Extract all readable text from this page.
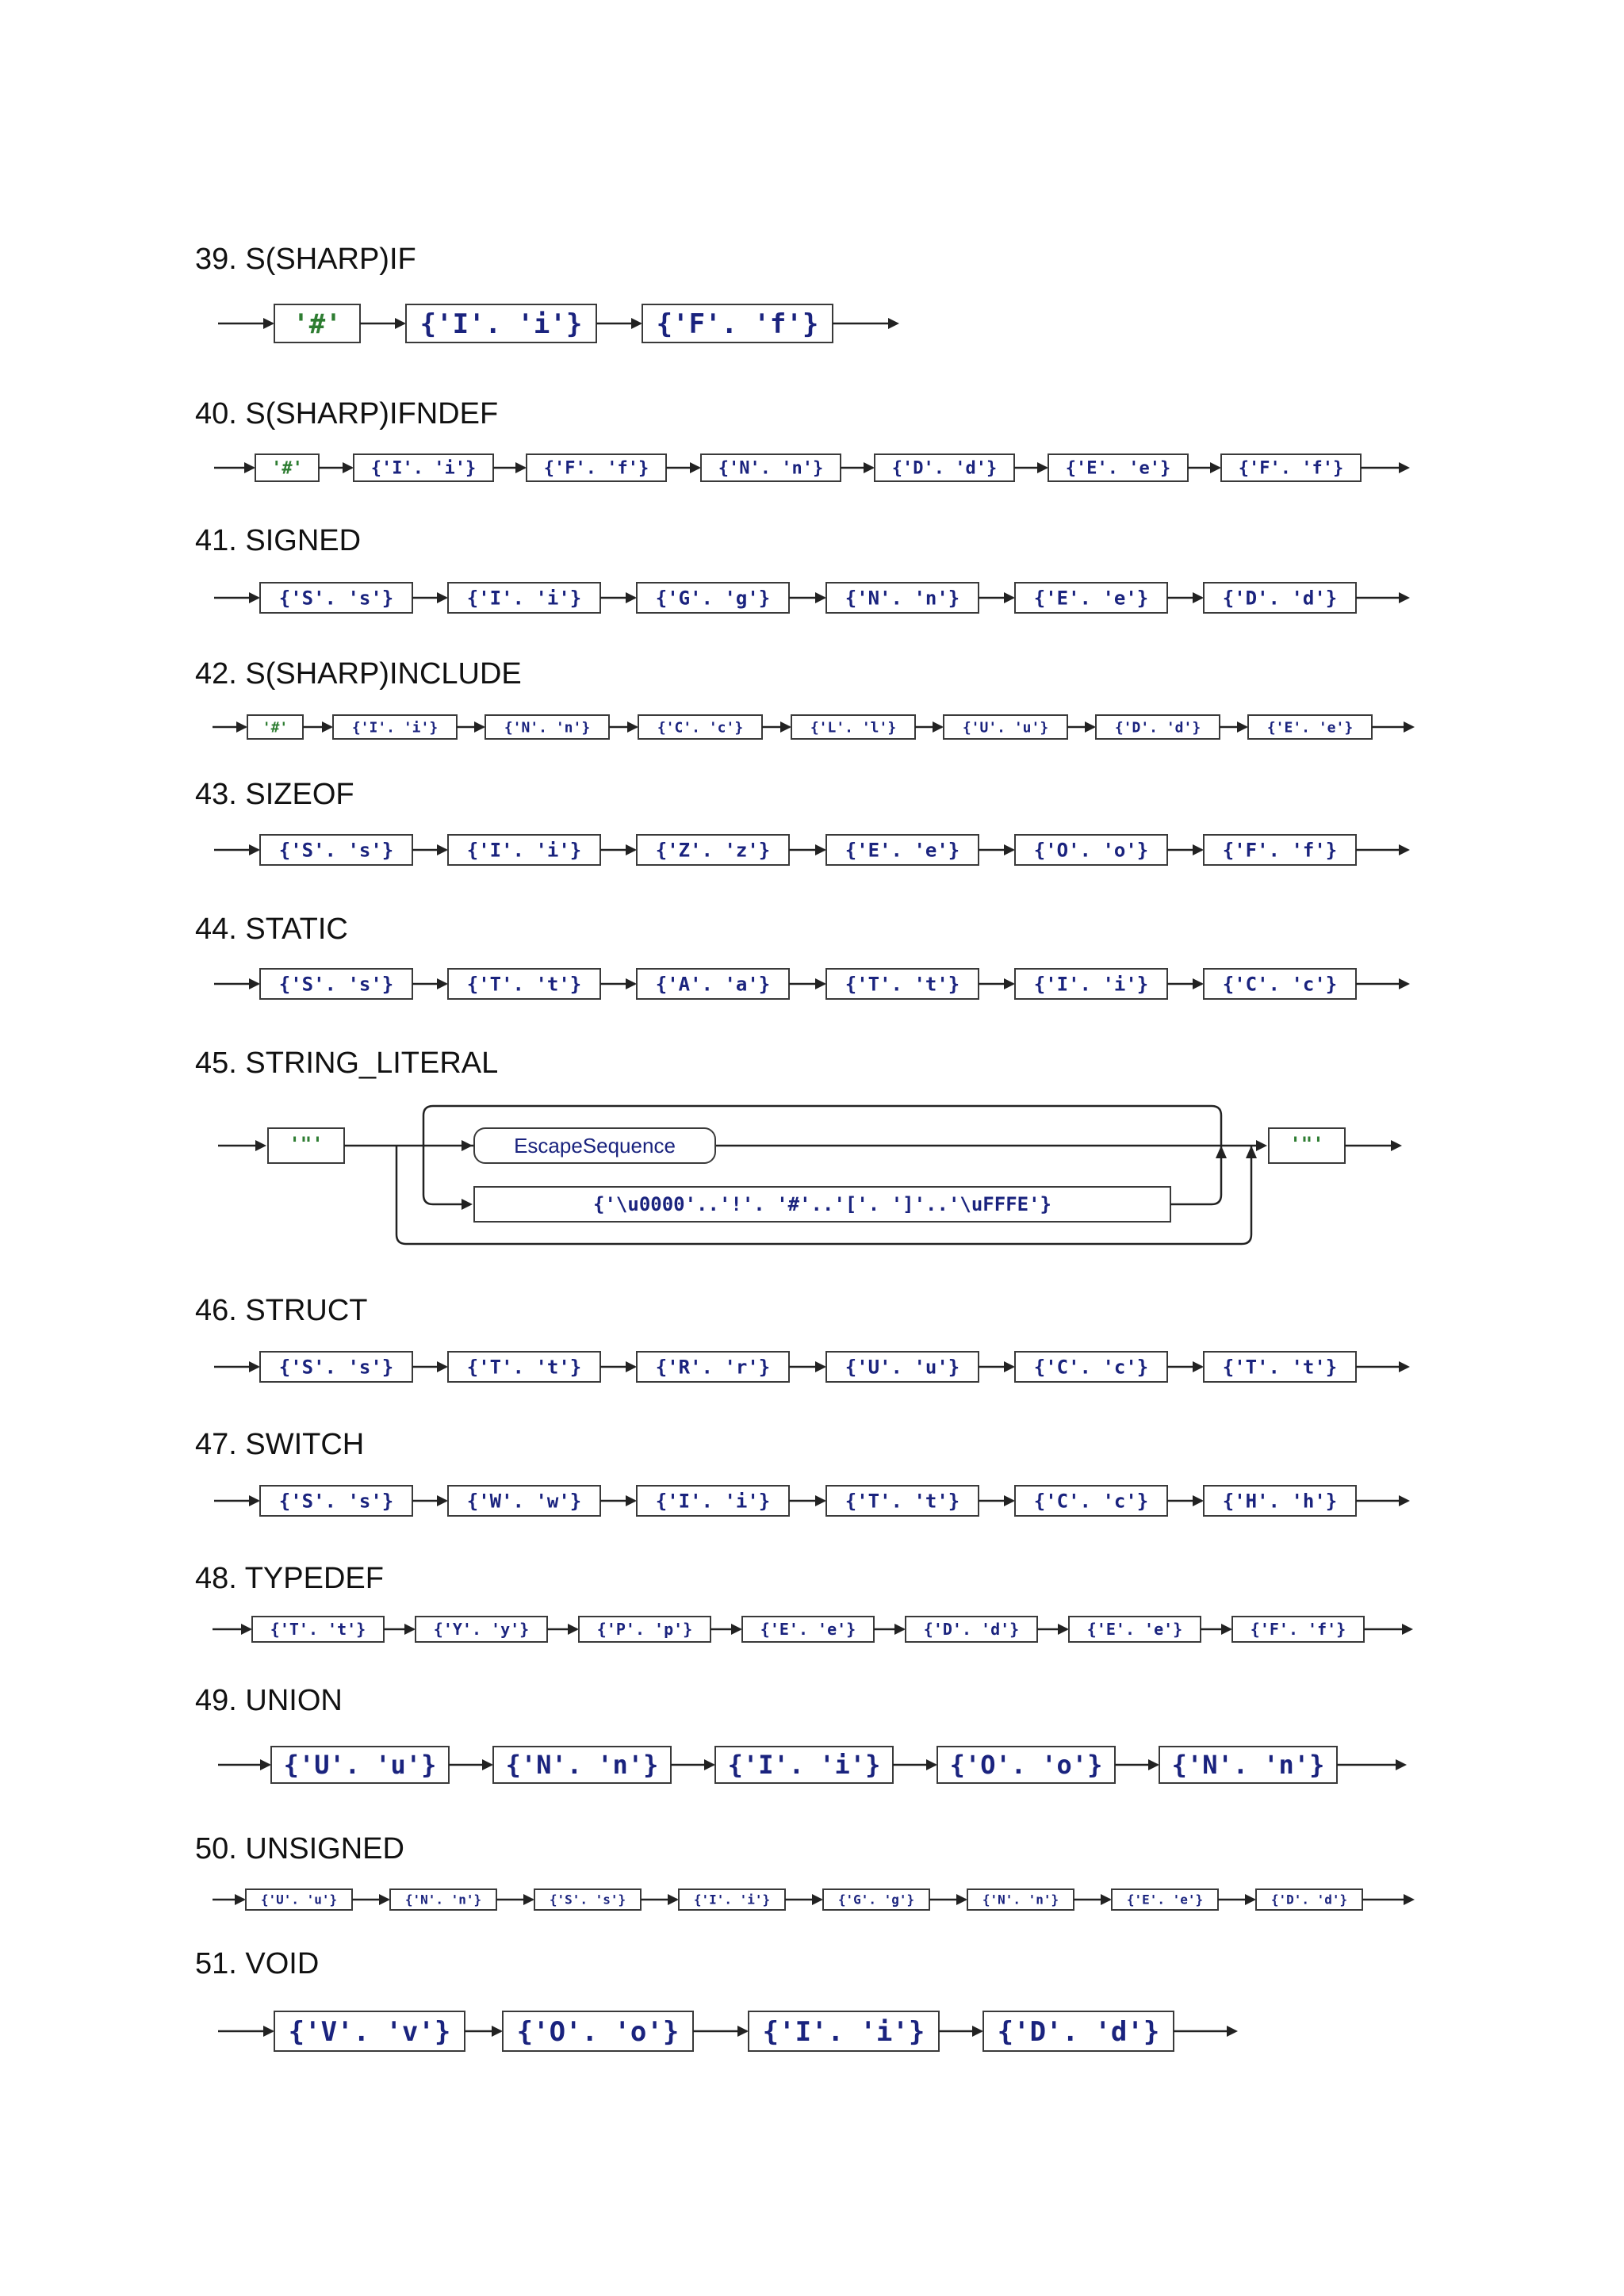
39. S(SHARP)IF
40. S(SHARP)IFNDEF
41. SIGNED
42. S(SHARP)INCLUDE
43. SIZEOF
44. STATIC
45. STRING_LITERAL
46. STRUCT
47. SWITCH
48. TYPEDEF
49. UNION
50. UNSIGNED
51. VOID
'#'	{'I'. 'i'}	{'F'. 'f'}
'#'	{'I'. 'i'}	{'F'. 'f'}	{'N'. 'n'}	{'D'. 'd'}	{'E'. 'e'}	{'F'. 'f'}
{'S'. 's'}	{'I'. 'i'}	{'G'. 'g'}	{'N'. 'n'}	{'E'. 'e'}	{'D'. 'd'}
'#'	{'I'. 'i'}	{'N'. 'n'}	{'C'. 'c'}	{'L'. 'l'}	{'U'. 'u'}	{'D'. 'd'}	{'E'. 'e'}
{'S'. 's'}	{'I'. 'i'}	{'Z'. 'z'}	{'E'. 'e'}	{'O'. 'o'}	{'F'. 'f'}
{'S'. 's'}	{'T'. 't'}	{'A'. 'a'}	{'T'. 't'}	{'I'. 'i'}	{'C'. 'c'}
'"'	EscapeSequence
{'\u0000'..'!'. '#'..'['. ']'..'\uFFFE'}
'"'
{'S'. 's'}	{'T'. 't'}	{'R'. 'r'}	{'U'. 'u'}	{'C'. 'c'}	{'T'. 't'}
{'S'. 's'}	{'W'. 'w'}	{'I'. 'i'}	{'T'. 't'}	{'C'. 'c'}	{'H'. 'h'}
{'T'. 't'}	{'Y'. 'y'}	{'P'. 'p'}	{'E'. 'e'}	{'D'. 'd'}	{'E'. 'e'}	{'F'. 'f'}
{'U'. 'u'}	{'N'. 'n'}	{'I'. 'i'}	{'O'. 'o'}	{'N'. 'n'}
{'U'. 'u'}	{'N'. 'n'}	{'S'. 's'}	{'I'. 'i'}	{'G'. 'g'}	{'N'. 'n'}	{'E'. 'e'}	{'D'. 'd'}
{'V'. 'v'} {'O'. 'o'}	{'I'. 'i'}	{'D'. 'd'}
